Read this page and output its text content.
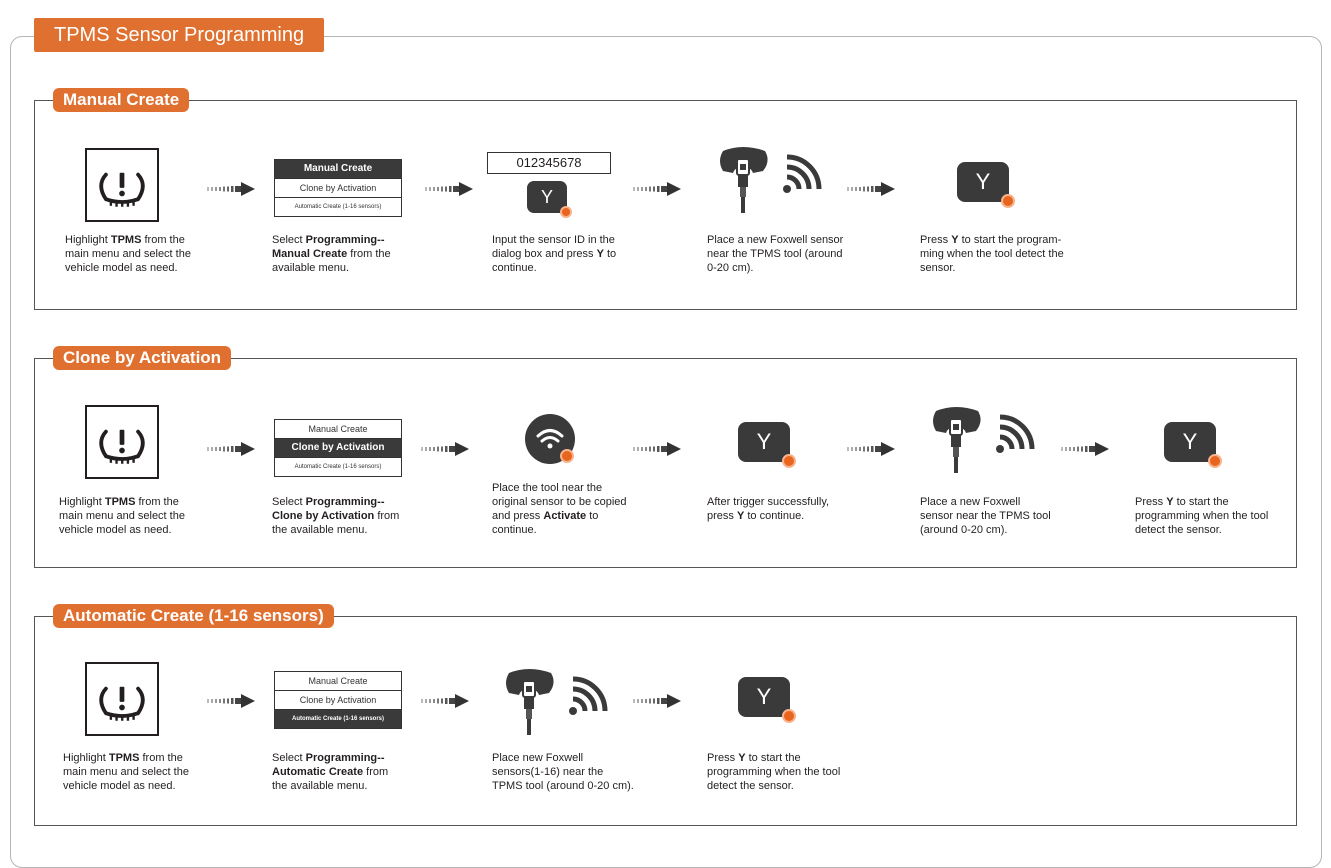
TPMS Sensor Programming
Manual Create
Highlight TPMS from the
main menu and select the
vehicle model as need.
Manual Create
Clone by Activation
Automatic Create (1-16 sensors)
Select Programming--
Manual Create from the
available menu.
012345678
Y
Input the sensor ID in the
dialog box and press Y to
continue.
Place a new Foxwell sensor
near the TPMS tool (around
0-20 cm).
Y
Press Y to start the program-
ming when the tool detect the
sensor.
Clone by Activation
Highlight TPMS from the
main menu and select the
vehicle model as need.
Manual Create
Clone by Activation
Automatic Create (1-16 sensors)
Select Programming--
Clone by Activation from
the available menu.
Place the tool near the
original sensor to be copied
and press Activate to
continue.
Y
After trigger successfully,
press Y to continue.
Place a new Foxwell
sensor near the TPMS tool
(around 0-20 cm).
Y
Press Y to start the
programming when the tool
detect the sensor.
Automatic Create (1-16 sensors)
Highlight TPMS from the
main menu and select the
vehicle model as need.
Manual Create
Clone by Activation
Automatic Create (1-16 sensors)
Select Programming--
Automatic Create from
the available menu.
Place new Foxwell
sensors(1-16) near the
TPMS tool (around 0-20 cm).
Y
Press Y to start the
programming when the tool
detect the sensor.
